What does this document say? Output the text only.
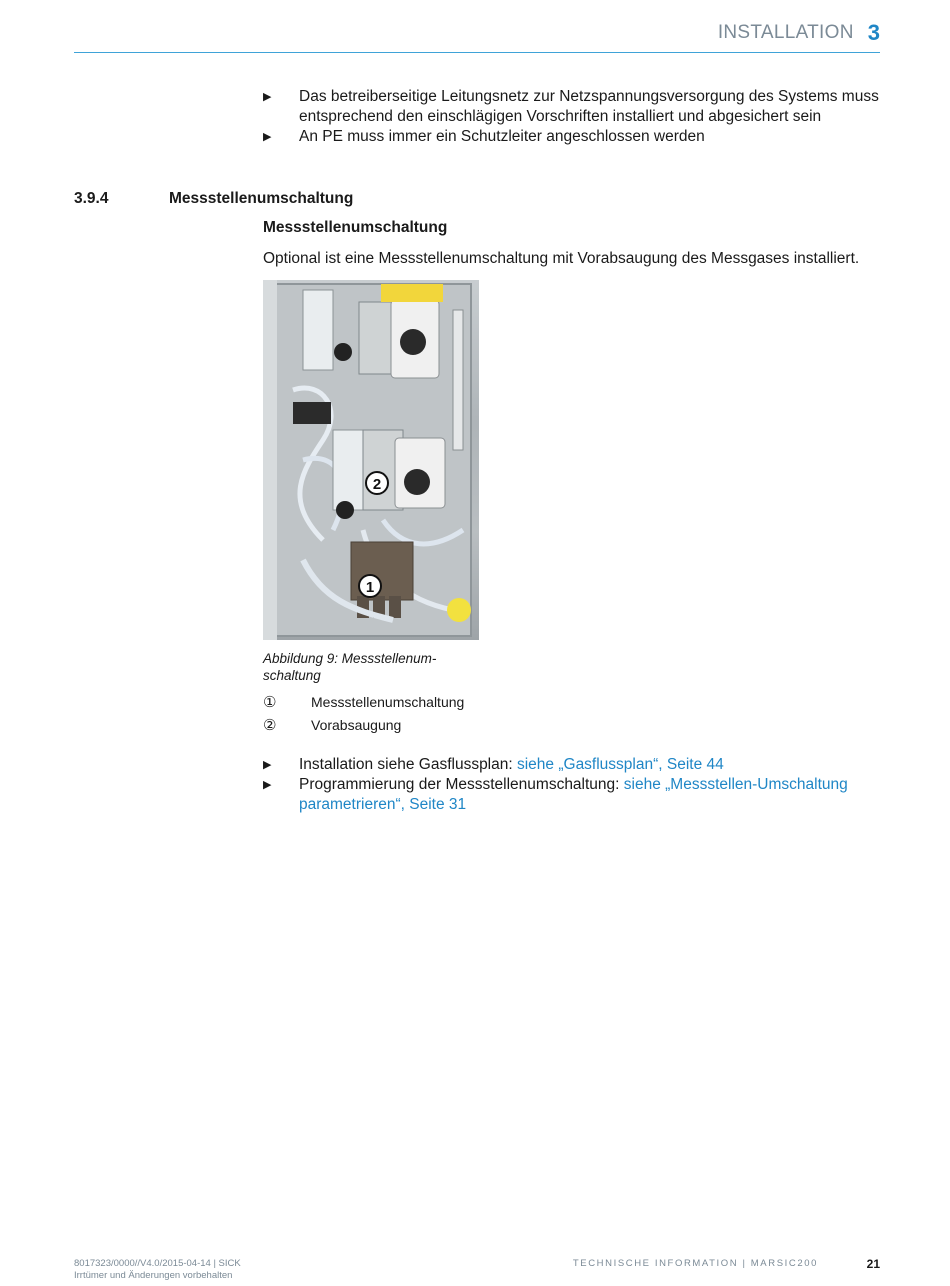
INSTALLATION 3
▶ Das betreiberseitige Leitungsnetz zur Netzspannungsversorgung des Systems muss entsprechend den einschlägigen Vorschriften installiert und abgesichert sein
▶ An PE muss immer ein Schutzleiter angeschlossen werden
3.9.4	Messstellenumschaltung
Messstellenumschaltung
Optional ist eine Messstellenumschaltung mit Vorabsaugung des Messgases installiert.
2
1
Abbildung 9: Messstellenum-schaltung
①	Messstellenumschaltung
②	Vorabsaugung
▶ Installation siehe Gasflussplan: siehe „Gasflussplan“, Seite 44
▶ Programmierung der Messstellenumschaltung: siehe „Messstellen-Umschaltung parametrieren“, Seite 31
8017323/0000//V4.0/2015-04-14 | SICK
Irrtümer und Änderungen vorbehalten
TECHNISCHE INFORMATION | MARSIC200	21
